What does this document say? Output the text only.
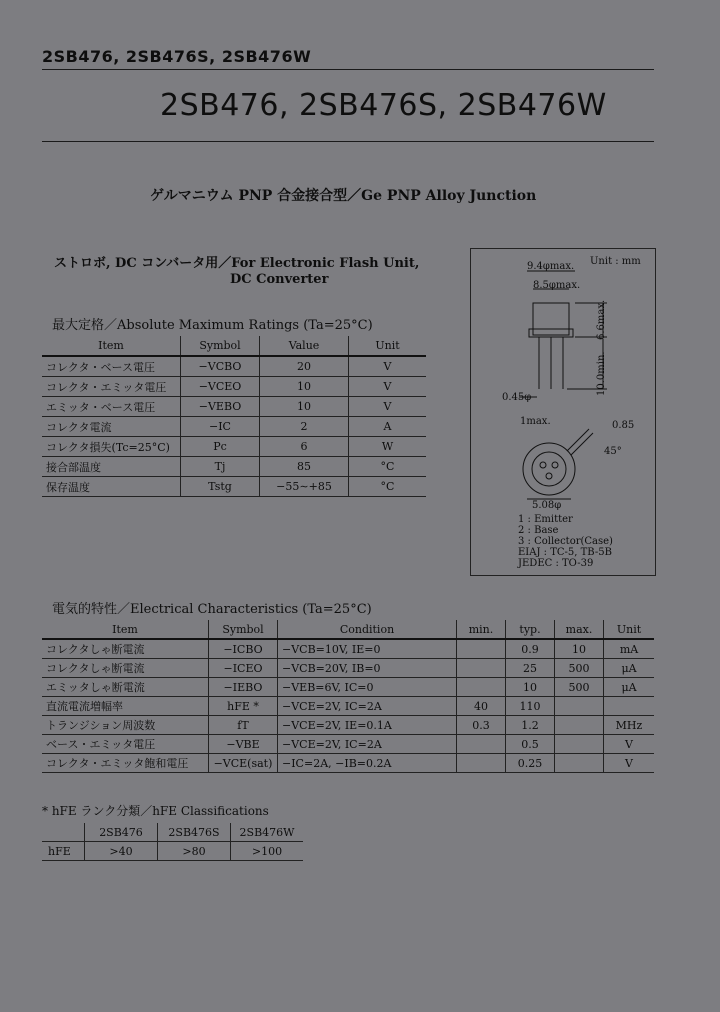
2SB476, 2SB476S, 2SB476W
2SB476, 2SB476S, 2SB476W
ゲルマニウム PNP 合金接合型／Ge PNP Alloy Junction
ストロボ, DC コンバータ用／For Electronic Flash Unit,
DC Converter
最大定格／Absolute Maximum Ratings (Ta=25°C)
Item	Symbol	Value	Unit
コレクタ・ベース電圧	−VCBO	20	V
コレクタ・エミッタ電圧	−VCEO	10	V
エミッタ・ベース電圧	−VEBO	10	V
コレクタ電流	−IC	2	A
コレクタ損失(Tc=25°C)	Pc	6	W
接合部温度	Tj	85	°C
保存温度	Tstg	−55∼+85	°C
9.4φmax.
8.5φmax.
6.6max.
10.0min.
0.45φ
1max.	0.85
45°
5.08φ
Unit : mm
1 : Emitter
2 : Base
3 : Collector(Case)
EIAJ : TC-5, TB-5B
JEDEC : TO-39
電気的特性／Electrical Characteristics (Ta=25°C)
Item	Symbol	Condition	min.	typ.	max.	Unit
コレクタしゃ断電流	−ICBO	−VCB=10V, IE=0		0.9	10	mA
コレクタしゃ断電流	−ICEO	−VCB=20V, IB=0		25	500	μA
エミッタしゃ断電流	−IEBO	−VEB=6V, IC=0		10	500	μA
直流電流増幅率	hFE *	−VCE=2V, IC=2A	40	110		
トランジション周波数	fT	−VCE=2V, IE=0.1A	0.3	1.2		MHz
ベース・エミッタ電圧	−VBE	−VCE=2V, IC=2A		0.5		V
コレクタ・エミッタ飽和電圧	−VCE(sat)	−IC=2A, −IB=0.2A		0.25		V
* hFE ランク分類／hFE Classifications
	2SB476	2SB476S	2SB476W
hFE	>40	>80	>100
